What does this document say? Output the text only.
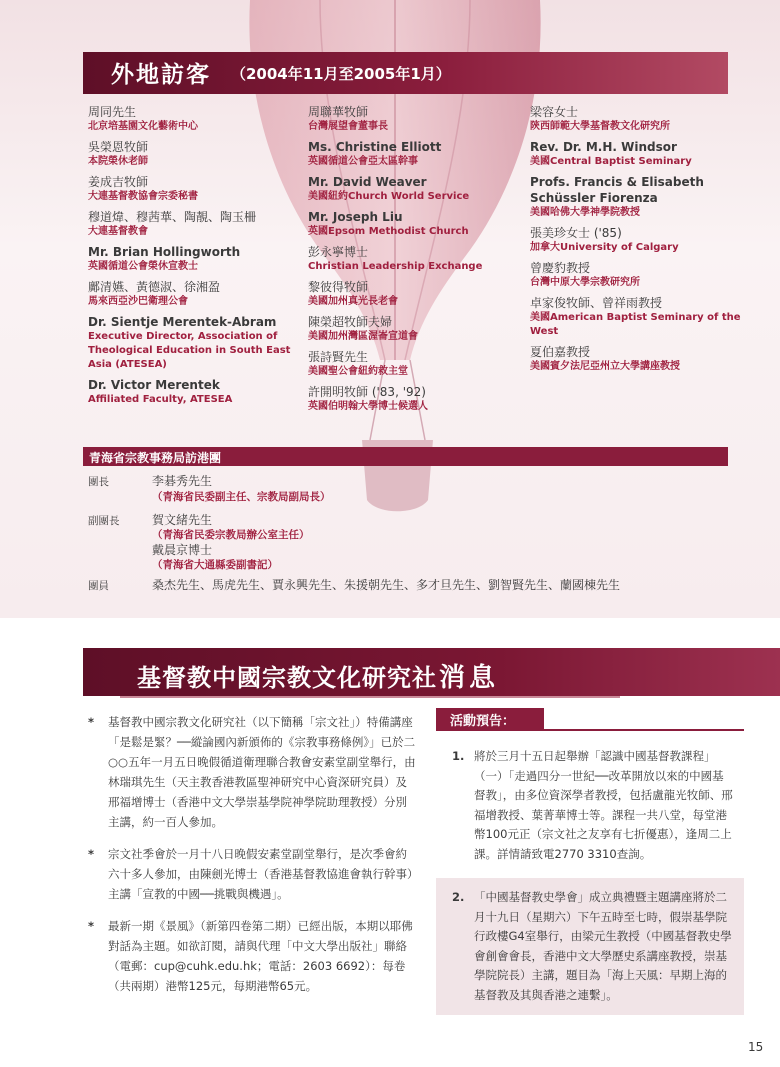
外地訪客 （2004年11月至2005年1月）
周同先生
北京培基園文化藝術中心
吳榮恩牧師
本院榮休老師
姜成吉牧師
大連基督教協會宗委秘書
穆道煒、穆茜華、陶靚、陶玉柵
大連基督教會
Mr. Brian Hollingworth
英國循道公會榮休宣教士
鄺清嬿、黃德淑、徐湘盈
馬來西亞沙巴衛理公會
Dr. Sientje Merentek-Abram
Executive Director, Association of Theological Education in South East Asia (ATESEA)
Dr. Victor Merentek
Affiliated Faculty, ATESEA
周聯華牧師
台灣展望會董事長
Ms. Christine Elliott
英國循道公會亞太區幹事
Mr. David Weaver
美國紐約Church World Service
Mr. Joseph Liu
英國Epsom Methodist Church
彭永寧博士
Christian Leadership Exchange
黎彼得牧師
美國加州真光長老會
陳榮超牧師夫婦
美國加州灣區渥崙宣道會
張詩賢先生
美國聖公會紐約救主堂
許開明牧師 ('83, '92)
英國伯明翰大學博士候選人
梁容女士
陝西師範大學基督教文化研究所
Rev. Dr. M.H. Windsor
美國Central Baptist Seminary
Profs. Francis & Elisabeth Schüssler Fiorenza
美國哈佛大學神學院教授
張美珍女士 ('85)
加拿大University of Calgary
曾慶豹教授
台灣中原大學宗教研究所
卓家俊牧師、曾祥雨教授
美國American Baptist Seminary of the West
夏伯嘉教授
美國賓夕法尼亞州立大學講座教授
青海省宗教事務局訪港團
團長	李碁秀先生
（青海省民委副主任、宗教局副局長）
副團長	賀文緒先生
（青海省民委宗教局辦公室主任）
戴晨京博士
（青海省大通縣委副書記）
團員	桑杰先生、馬虎先生、賈永興先生、朱援朝先生、多才旦先生、劉智賢先生、蘭國棟先生
基督教中國宗教文化研究社消息
* 基督教中國宗教文化研究社（以下簡稱「宗文社」）特備講座「是鬆是緊？──縱論國內新頒佈的《宗教事務條例》」已於二○○五年一月五日晚假循道衛理聯合教會安素堂副堂舉行，由林瑞琪先生（天主教香港教區聖神研究中心資深研究員）及邢福增博士（香港中文大學崇基學院神學院助理教授）分別主講，約一百人參加。
* 宗文社季會於一月十八日晚假安素堂副堂舉行，是次季會約六十多人參加，由陳劍光博士（香港基督教協進會執行幹事）主講「宣教的中國──挑戰與機遇」。
* 最新一期《景風》（新第四卷第二期）已經出版，本期以耶佛對話為主題。如欲訂閱，請與代理「中文大學出版社」聯絡（電郵：cup@cuhk.edu.hk；電話：2603 6692）：每卷（共兩期）港幣125元，每期港幣65元。
活動預告：
1. 將於三月十五日起舉辦「認識中國基督教課程」（一）「走過四分一世紀──改革開放以來的中國基督教」，由多位資深學者教授，包括盧龍光牧師、邢福增教授、葉菁華博士等。課程一共八堂，每堂港幣100元正（宗文社之友享有七折優惠），逢周二上課。詳情請致電2770 3310查詢。
2. 「中國基督教史學會」成立典禮暨主題講座將於二月十九日（星期六）下午五時至七時，假崇基學院行政樓G4室舉行，由梁元生教授（中國基督教史學會創會會長，香港中文大學歷史系講座教授，崇基學院院長）主講，題目為「海上天風：早期上海的基督教及其與香港之連繫」。
15
